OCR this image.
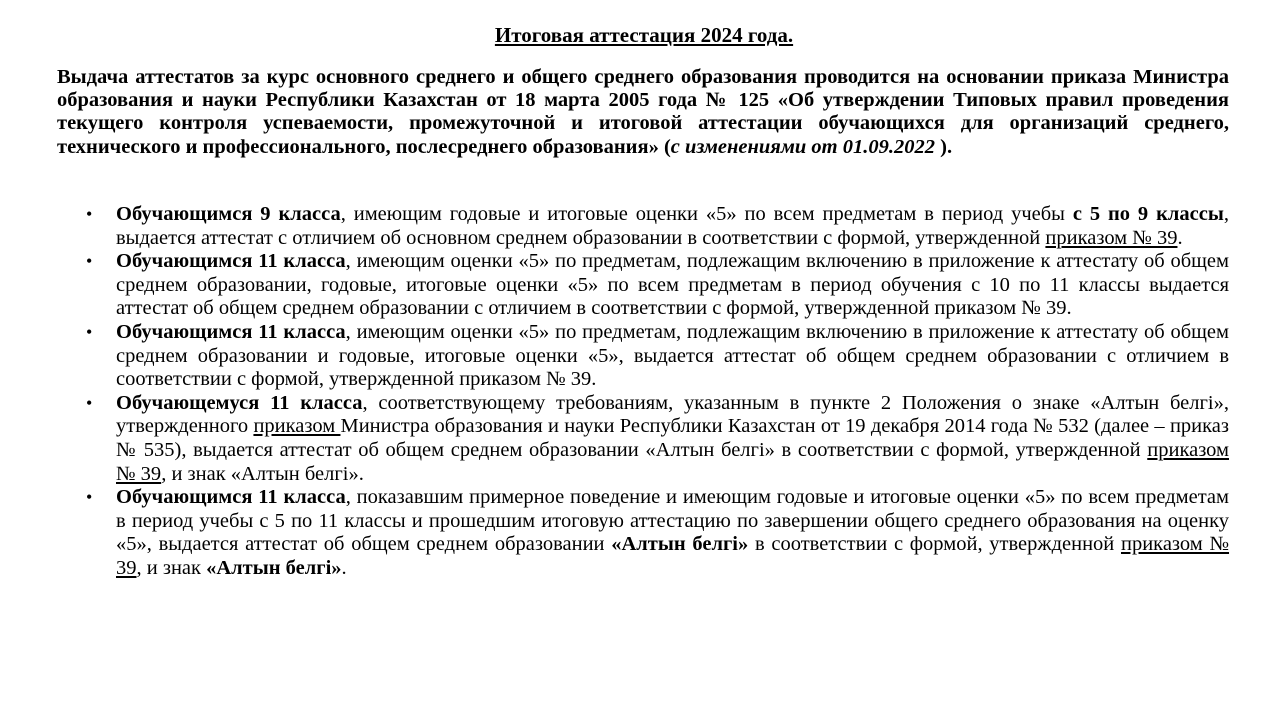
Итоговая аттестация 2024 года.
Выдача аттестатов за курс основного среднего и общего среднего образования проводится на основании приказа Министра образования и науки Республики Казахстан от 18 марта 2005 года № 125 «Об утверждении Типовых правил проведения текущего контроля успеваемости, промежуточной и итоговой аттестации обучающихся для организаций среднего, технического и профессионального, послесреднего образования» (с изменениями от 01.09.2022 ).
• Обучающимся 9 класса, имеющим годовые и итоговые оценки «5» по всем предметам в период учебы с 5 по 9 классы, выдается аттестат с отличием об основном среднем образовании в соответствии с формой, утвержденной приказом № 39.
• Обучающимся 11 класса, имеющим оценки «5» по предметам, подлежащим включению в приложение к аттестату об общем среднем образовании, годовые, итоговые оценки «5» по всем предметам в период обучения с 10 по 11 классы выдается аттестат об общем среднем образовании с отличием в соответствии с формой, утвержденной приказом № 39.
• Обучающимся 11 класса, имеющим оценки «5» по предметам, подлежащим включению в приложение к аттестату об общем среднем образовании и годовые, итоговые оценки «5», выдается аттестат об общем среднем образовании с отличием в соответствии с формой, утвержденной приказом № 39.
• Обучающемуся 11 класса, соответствующему требованиям, указанным в пункте 2 Положения о знаке «Алтын белгі», утвержденного приказом Министра образования и науки Республики Казахстан от 19 декабря 2014 года № 532 (далее – приказ № 535), выдается аттестат об общем среднем образовании «Алтын белгі» в соответствии с формой, утвержденной приказом № 39, и знак «Алтын белгі».
• Обучающимся 11 класса, показавшим примерное поведение и имеющим годовые и итоговые оценки «5» по всем предметам в период учебы с 5 по 11 классы и прошедшим итоговую аттестацию по завершении общего среднего образования на оценку «5», выдается аттестат об общем среднем образовании «Алтын белгі» в соответствии с формой, утвержденной приказом № 39, и знак «Алтын белгі».
